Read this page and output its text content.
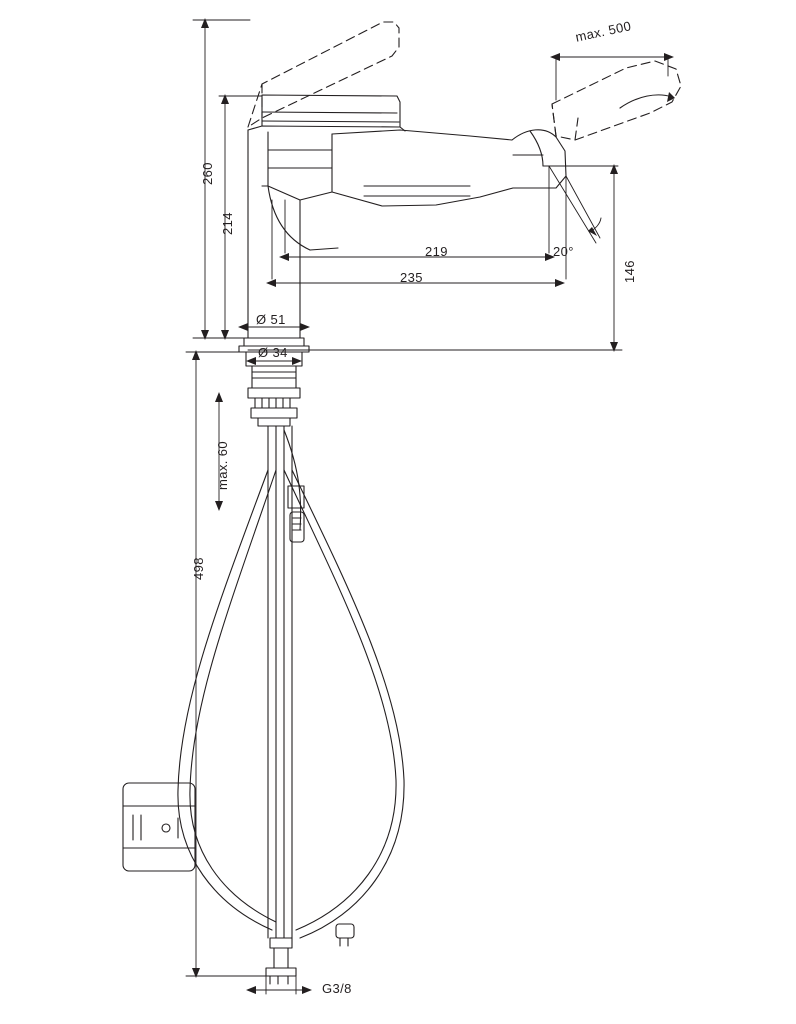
260
214
219
235
20°
146
max. 500
Ø 51
Ø 34
max. 60
498
G3/8
